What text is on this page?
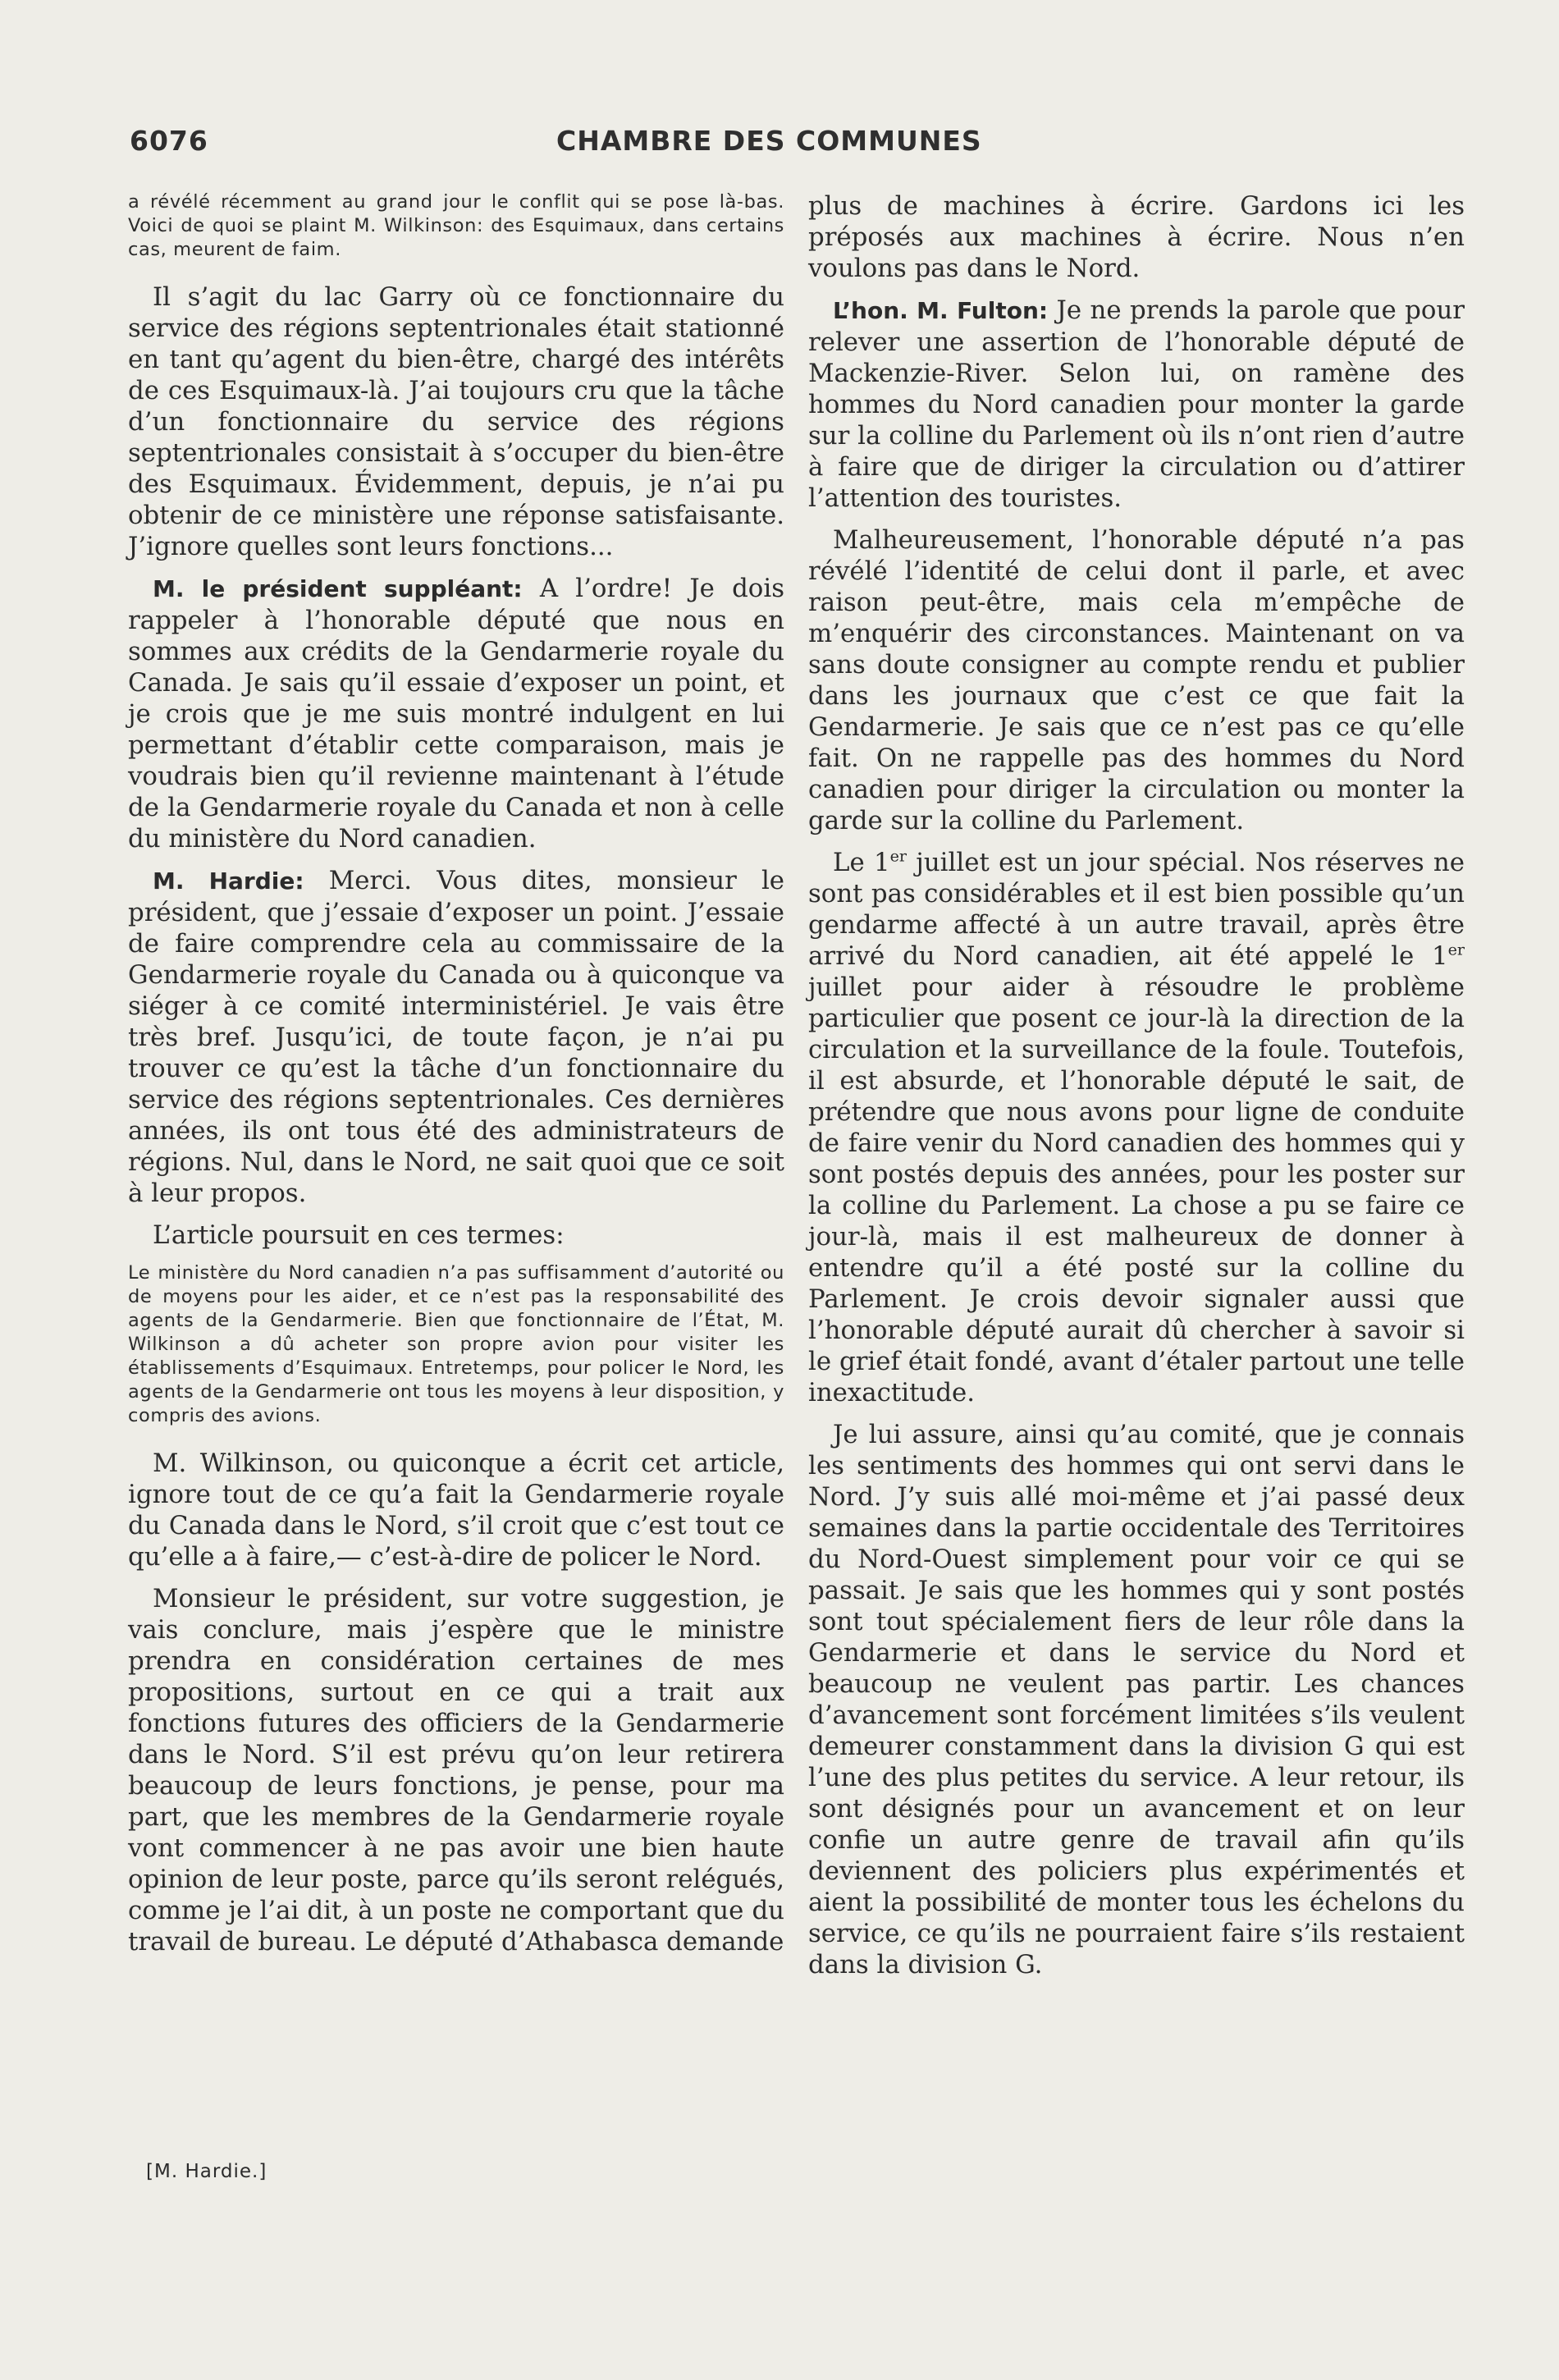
6076	CHAMBRE DES COMMUNES

a révélé récemment au grand jour le conflit qui se pose là-bas. Voici de quoi se plaint M. Wilkinson: des Esquimaux, dans certains cas, meurent de faim.

Il s’agit du lac Garry où ce fonctionnaire du service des régions septentrionales était stationné en tant qu’agent du bien-être, chargé des intérêts de ces Esquimaux-là. J’ai toujours cru que la tâche d’un fonctionnaire du service des régions septentrionales consistait à s’occuper du bien-être des Esquimaux. Évidemment, depuis, je n’ai pu obtenir de ce ministère une réponse satisfaisante. J’ignore quelles sont leurs fonctions...

M. le président suppléant: A l’ordre! Je dois rappeler à l’honorable député que nous en sommes aux crédits de la Gendarmerie royale du Canada. Je sais qu’il essaie d’exposer un point, et je crois que je me suis montré indulgent en lui permettant d’établir cette comparaison, mais je voudrais bien qu’il revienne maintenant à l’étude de la Gendarmerie royale du Canada et non à celle du ministère du Nord canadien.

M. Hardie: Merci. Vous dites, monsieur le président, que j’essaie d’exposer un point. J’essaie de faire comprendre cela au commissaire de la Gendarmerie royale du Canada ou à quiconque va siéger à ce comité interministériel. Je vais être très bref. Jusqu’ici, de toute façon, je n’ai pu trouver ce qu’est la tâche d’un fonctionnaire du service des régions septentrionales. Ces dernières années, ils ont tous été des administrateurs de régions. Nul, dans le Nord, ne sait quoi que ce soit à leur propos.

L’article poursuit en ces termes:

Le ministère du Nord canadien n’a pas suffisamment d’autorité ou de moyens pour les aider, et ce n’est pas la responsabilité des agents de la Gendarmerie. Bien que fonctionnaire de l’État, M. Wilkinson a dû acheter son propre avion pour visiter les établissements d’Esquimaux. Entretemps, pour policer le Nord, les agents de la Gendarmerie ont tous les moyens à leur disposition, y compris des avions.

M. Wilkinson, ou quiconque a écrit cet article, ignore tout de ce qu’a fait la Gendarmerie royale du Canada dans le Nord, s’il croit que c’est tout ce qu’elle a à faire,— c’est-à-dire de policer le Nord.

Monsieur le président, sur votre suggestion, je vais conclure, mais j’espère que le ministre prendra en considération certaines de mes propositions, surtout en ce qui a trait aux fonctions futures des officiers de la Gendarmerie dans le Nord. S’il est prévu qu’on leur retirera beaucoup de leurs fonctions, je pense, pour ma part, que les membres de la Gendarmerie royale vont commencer à ne pas avoir une bien haute opinion de leur poste, parce qu’ils seront relégués, comme je l’ai dit, à un poste ne comportant que du travail de bureau. Le député d’Athabasca demande

plus de machines à écrire. Gardons ici les préposés aux machines à écrire. Nous n’en voulons pas dans le Nord.

L’hon. M. Fulton: Je ne prends la parole que pour relever une assertion de l’honorable député de Mackenzie-River. Selon lui, on ramène des hommes du Nord canadien pour monter la garde sur la colline du Parlement où ils n’ont rien d’autre à faire que de diriger la circulation ou d’attirer l’attention des touristes.

Malheureusement, l’honorable député n’a pas révélé l’identité de celui dont il parle, et avec raison peut-être, mais cela m’empêche de m’enquérir des circonstances. Maintenant on va sans doute consigner au compte rendu et publier dans les journaux que c’est ce que fait la Gendarmerie. Je sais que ce n’est pas ce qu’elle fait. On ne rappelle pas des hommes du Nord canadien pour diriger la circulation ou monter la garde sur la colline du Parlement.

Le 1er juillet est un jour spécial. Nos réserves ne sont pas considérables et il est bien possible qu’un gendarme affecté à un autre travail, après être arrivé du Nord canadien, ait été appelé le 1er juillet pour aider à résoudre le problème particulier que posent ce jour-là la direction de la circulation et la surveillance de la foule. Toutefois, il est absurde, et l’honorable député le sait, de prétendre que nous avons pour ligne de conduite de faire venir du Nord canadien des hommes qui y sont postés depuis des années, pour les poster sur la colline du Parlement. La chose a pu se faire ce jour-là, mais il est malheureux de donner à entendre qu’il a été posté sur la colline du Parlement. Je crois devoir signaler aussi que l’honorable député aurait dû chercher à savoir si le grief était fondé, avant d’étaler partout une telle inexactitude.

Je lui assure, ainsi qu’au comité, que je connais les sentiments des hommes qui ont servi dans le Nord. J’y suis allé moi-même et j’ai passé deux semaines dans la partie occidentale des Territoires du Nord-Ouest simplement pour voir ce qui se passait. Je sais que les hommes qui y sont postés sont tout spécialement fiers de leur rôle dans la Gendarmerie et dans le service du Nord et beaucoup ne veulent pas partir. Les chances d’avancement sont forcément limitées s’ils veulent demeurer constamment dans la division G qui est l’une des plus petites du service. A leur retour, ils sont désignés pour un avancement et on leur confie un autre genre de travail afin qu’ils deviennent des policiers plus expérimentés et aient la possibilité de monter tous les échelons du service, ce qu’ils ne pourraient faire s’ils restaient dans la division G.

[M. Hardie.]
